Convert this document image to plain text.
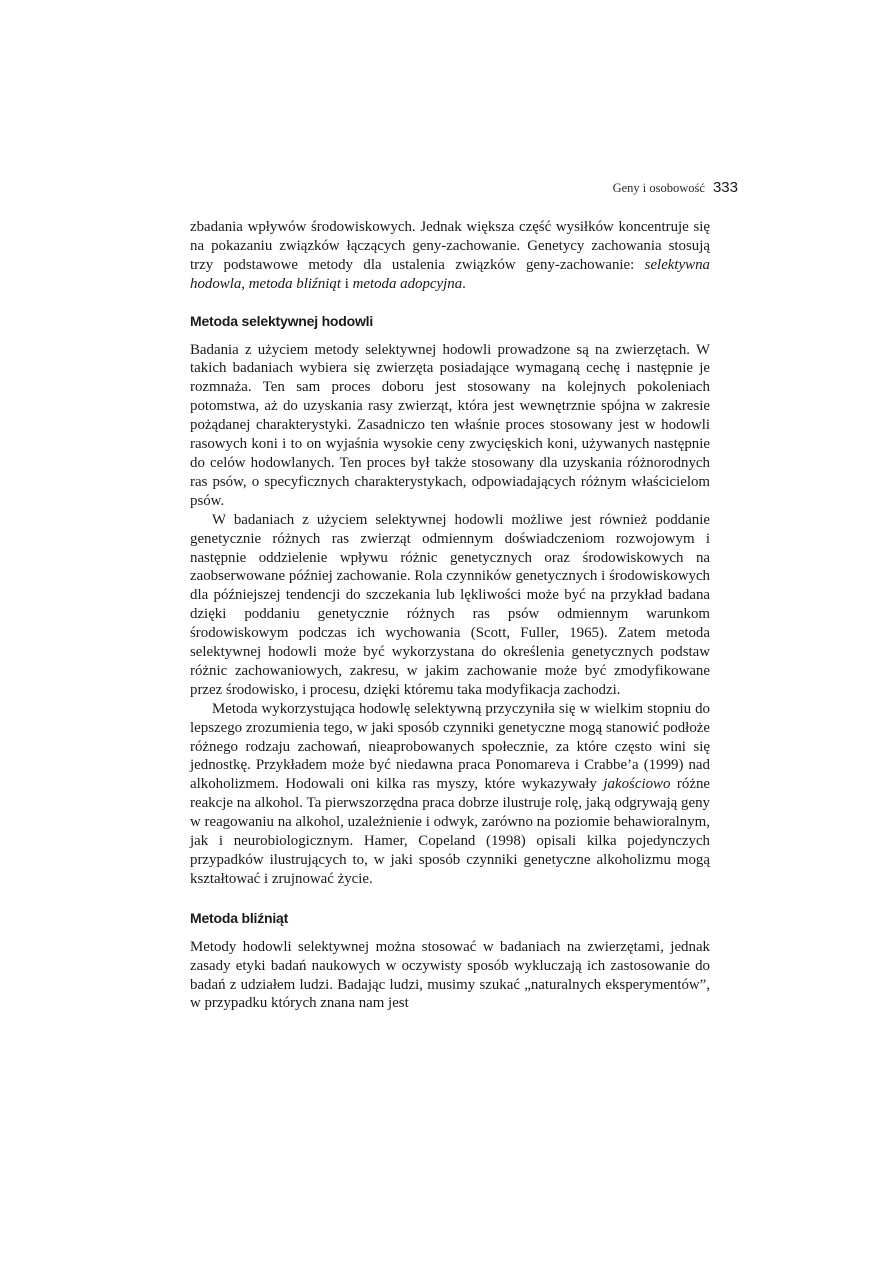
Geny i osobowość 333

zbadania wpływów środowiskowych. Jednak większa część wysiłków koncentruje się na pokazaniu związków łączących geny-zachowanie. Genetycy zachowania stosują trzy podstawowe metody dla ustalenia związków geny-zachowanie: selektywna hodowla, metoda bliźniąt i metoda adopcyjna.

Metoda selektywnej hodowli

Badania z użyciem metody selektywnej hodowli prowadzone są na zwierzętach. W takich badaniach wybiera się zwierzęta posiadające wymaganą cechę i następnie je rozmnaża. Ten sam proces doboru jest stosowany na kolejnych pokoleniach potomstwa, aż do uzyskania rasy zwierząt, która jest wewnętrznie spójna w zakresie pożądanej charakterystyki. Zasadniczo ten właśnie proces stosowany jest w hodowli rasowych koni i to on wyjaśnia wysokie ceny zwycięskich koni, używanych następnie do celów hodowlanych. Ten proces był także stosowany dla uzyskania różnorodnych ras psów, o specyficznych charakterystykach, odpowiadających różnym właścicielom psów.

W badaniach z użyciem selektywnej hodowli możliwe jest również poddanie genetycznie różnych ras zwierząt odmiennym doświadczeniom rozwojowym i następnie oddzielenie wpływu różnic genetycznych oraz środowiskowych na zaobserwowane później zachowanie. Rola czynników genetycznych i środowiskowych dla późniejszej tendencji do szczekania lub lękliwości może być na przykład badana dzięki poddaniu genetycznie różnych ras psów odmiennym warunkom środowiskowym podczas ich wychowania (Scott, Fuller, 1965). Zatem metoda selektywnej hodowli może być wykorzystana do określenia genetycznych podstaw różnic zachowaniowych, zakresu, w jakim zachowanie może być zmodyfikowane przez środowisko, i procesu, dzięki któremu taka modyfikacja zachodzi.

Metoda wykorzystująca hodowlę selektywną przyczyniła się w wielkim stopniu do lepszego zrozumienia tego, w jaki sposób czynniki genetyczne mogą stanowić podłoże różnego rodzaju zachowań, nieaprobowanych społecznie, za które często wini się jednostkę. Przykładem może być niedawna praca Ponomareva i Crabbe’a (1999) nad alkoholizmem. Hodowali oni kilka ras myszy, które wykazywały jakościowo różne reakcje na alkohol. Ta pierwszorzędna praca dobrze ilustruje rolę, jaką odgrywają geny w reagowaniu na alkohol, uzależnienie i odwyk, zarówno na poziomie behawioralnym, jak i neurobiologicznym. Hamer, Copeland (1998) opisali kilka pojedynczych przypadków ilustrujących to, w jaki sposób czynniki genetyczne alkoholizmu mogą kształtować i zrujnować życie.

Metoda bliźniąt

Metody hodowli selektywnej można stosować w badaniach na zwierzętami, jednak zasady etyki badań naukowych w oczywisty sposób wykluczają ich zastosowanie do badań z udziałem ludzi. Badając ludzi, musimy szukać „naturalnych eksperymentów”, w przypadku których znana nam jest
